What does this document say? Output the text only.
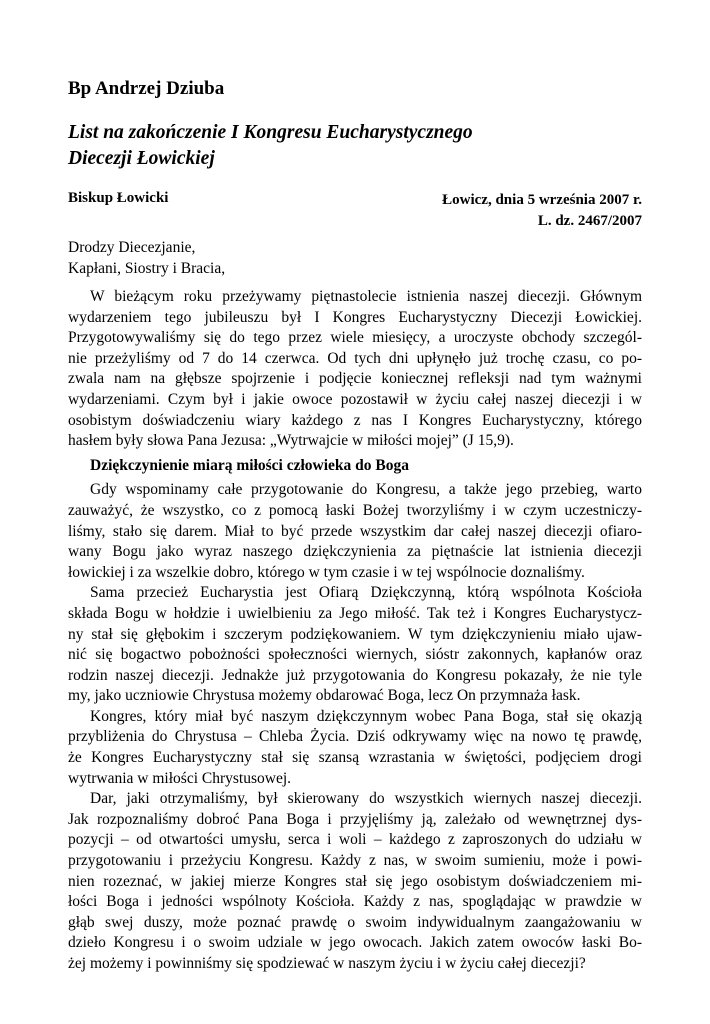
Bp Andrzej Dziuba
List na zakończenie I Kongresu Eucharystycznego
Diecezji Łowickiej
Biskup Łowicki	Łowicz, dnia 5 września 2007 r.
L. dz. 2467/2007
Drodzy Diecezjanie,
Kapłani, Siostry i Bracia,

W bieżącym roku przeżywamy piętnastolecie istnienia naszej diecezji. Głównym
wydarzeniem tego jubileuszu był I Kongres Eucharystyczny Diecezji Łowickiej.
Przygotowywaliśmy się do tego przez wiele miesięcy, a uroczyste obchody szczegól-
nie przeżyliśmy od 7 do 14 czerwca. Od tych dni upłynęło już trochę czasu, co po-
zwala nam na głębsze spojrzenie i podjęcie koniecznej refleksji nad tym ważnymi
wydarzeniami. Czym był i jakie owoce pozostawił w życiu całej naszej diecezji i w
osobistym doświadczeniu wiary każdego z nas I Kongres Eucharystyczny, którego
hasłem były słowa Pana Jezusa: „Wytrwajcie w miłości mojej” (J 15,9).

Dziękczynienie miarą miłości człowieka do Boga

Gdy wspominamy całe przygotowanie do Kongresu, a także jego przebieg, warto
zauważyć, że wszystko, co z pomocą łaski Bożej tworzyliśmy i w czym uczestniczy-
liśmy, stało się darem. Miał to być przede wszystkim dar całej naszej diecezji ofiaro-
wany Bogu jako wyraz naszego dziękczynienia za piętnaście lat istnienia diecezji
łowickiej i za wszelkie dobro, którego w tym czasie i w tej wspólnocie doznaliśmy.

Sama przecież Eucharystia jest Ofiarą Dziękczynną, którą wspólnota Kościoła
składa Bogu w hołdzie i uwielbieniu za Jego miłość. Tak też i Kongres Eucharystycz-
ny stał się głębokim i szczerym podziękowaniem. W tym dziękczynieniu miało ujaw-
nić się bogactwo pobożności społeczności wiernych, sióstr zakonnych, kapłanów oraz
rodzin naszej diecezji. Jednakże już przygotowania do Kongresu pokazały, że nie tyle
my, jako uczniowie Chrystusa możemy obdarować Boga, lecz On przymnaża łask.

Kongres, który miał być naszym dziękczynnym wobec Pana Boga, stał się okazją
przybliżenia do Chrystusa – Chleba Życia. Dziś odkrywamy więc na nowo tę prawdę,
że Kongres Eucharystyczny stał się szansą wzrastania w świętości, podjęciem drogi
wytrwania w miłości Chrystusowej.

Dar, jaki otrzymaliśmy, był skierowany do wszystkich wiernych naszej diecezji.
Jak rozpoznaliśmy dobroć Pana Boga i przyjęliśmy ją, zależało od wewnętrznej dys-
pozycji – od otwartości umysłu, serca i woli – każdego z zaproszonych do udziału w
przygotowaniu i przeżyciu Kongresu. Każdy z nas, w swoim sumieniu, może i powi-
nien rozeznać, w jakiej mierze Kongres stał się jego osobistym doświadczeniem mi-
łości Boga i jedności wspólnoty Kościoła. Każdy z nas, spoglądając w prawdzie w
głąb swej duszy, może poznać prawdę o swoim indywidualnym zaangażowaniu w
dzieło Kongresu i o swoim udziale w jego owocach. Jakich zatem owoców łaski Bo-
żej możemy i powinniśmy się spodziewać w naszym życiu i w życiu całej diecezji?
